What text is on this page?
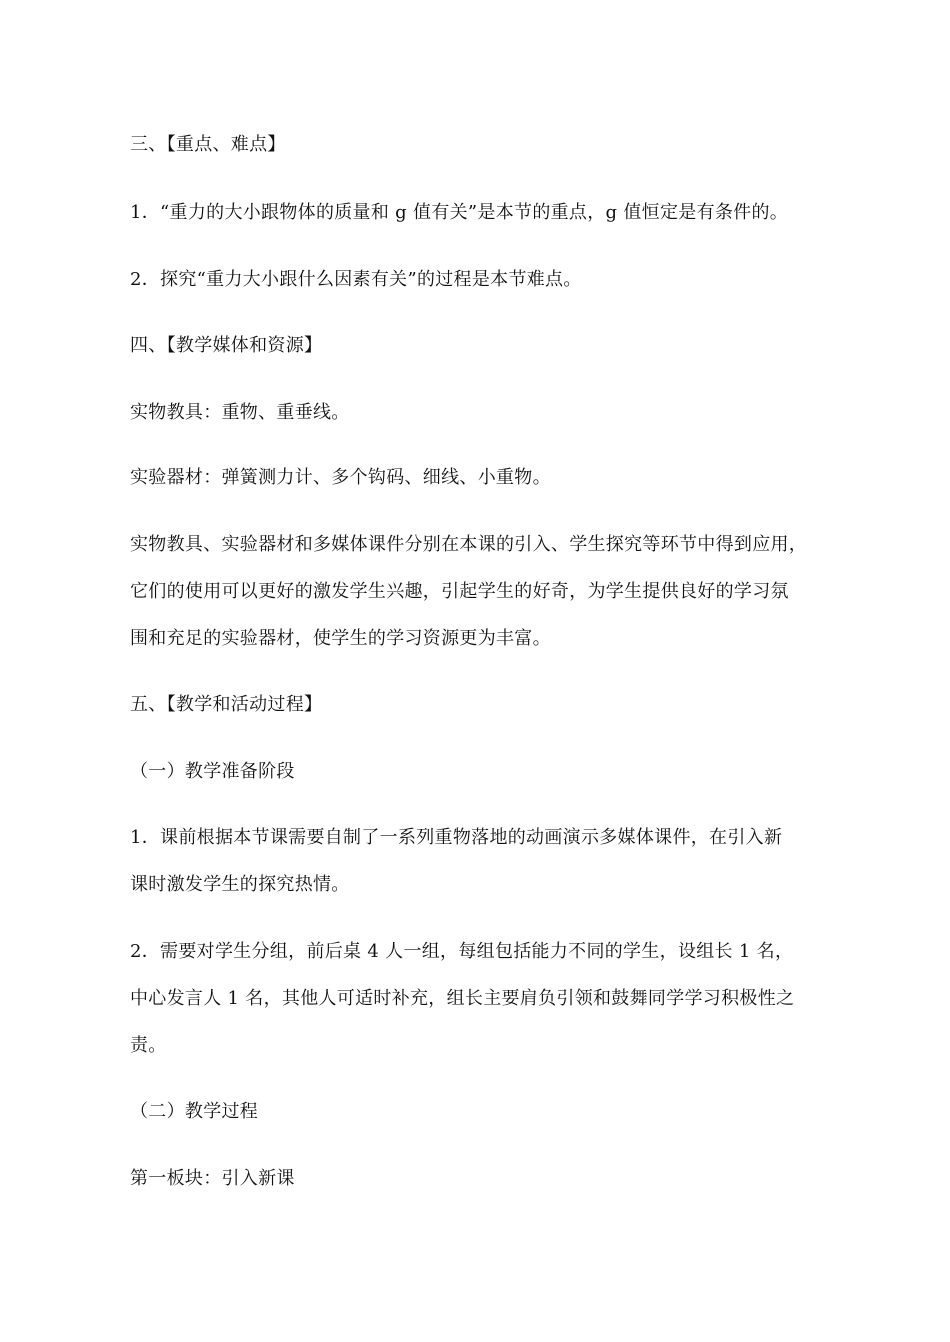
三、【重点、难点】
1．“重力的大小跟物体的质量和 g 值有关”是本节的重点，g 值恒定是有条件的。
2．探究“重力大小跟什么因素有关”的过程是本节难点。
四、【教学媒体和资源】
实物教具：重物、重垂线。
实验器材：弹簧测力计、多个钩码、细线、小重物。
实物教具、实验器材和多媒体课件分别在本课的引入、学生探究等环节中得到应用，
它们的使用可以更好的激发学生兴趣，引起学生的好奇，为学生提供良好的学习氛
围和充足的实验器材，使学生的学习资源更为丰富。
五、【教学和活动过程】
（一）教学准备阶段
1．课前根据本节课需要自制了一系列重物落地的动画演示多媒体课件，在引入新
课时激发学生的探究热情。
2．需要对学生分组，前后桌 4 人一组，每组包括能力不同的学生，设组长 1 名，
中心发言人 1 名，其他人可适时补充，组长主要肩负引领和鼓舞同学学习积极性之
责。
（二）教学过程
第一板块：引入新课
